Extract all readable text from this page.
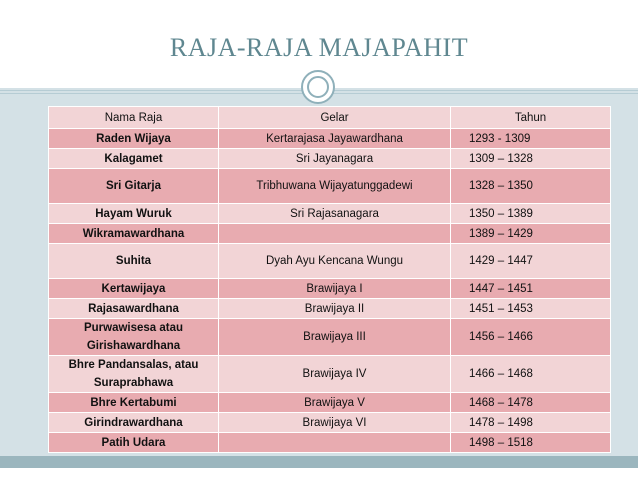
RAJA-RAJA MAJAPAHIT
Nama Raja	Gelar	Tahun
Raden Wijaya	Kertarajasa Jayawardhana	1293 - 1309
Kalagamet	Sri Jayanagara	1309 – 1328
Sri Gitarja	Tribhuwana Wijayatunggadewi	1328 – 1350
Hayam Wuruk	Sri Rajasanagara	1350 – 1389
Wikramawardhana		1389 – 1429
Suhita	Dyah Ayu Kencana Wungu	1429 – 1447
Kertawijaya	Brawijaya I	1447 – 1451
Rajasawardhana	Brawijaya II	1451 – 1453
Purwawisesa atau
Girishawardhana	Brawijaya III	1456 – 1466
Bhre Pandansalas, atau
Suraprabhawa	Brawijaya IV	1466 – 1468
Bhre Kertabumi	Brawijaya V	1468 – 1478
Girindrawardhana	Brawijaya VI	1478 – 1498
Patih Udara		1498 – 1518
